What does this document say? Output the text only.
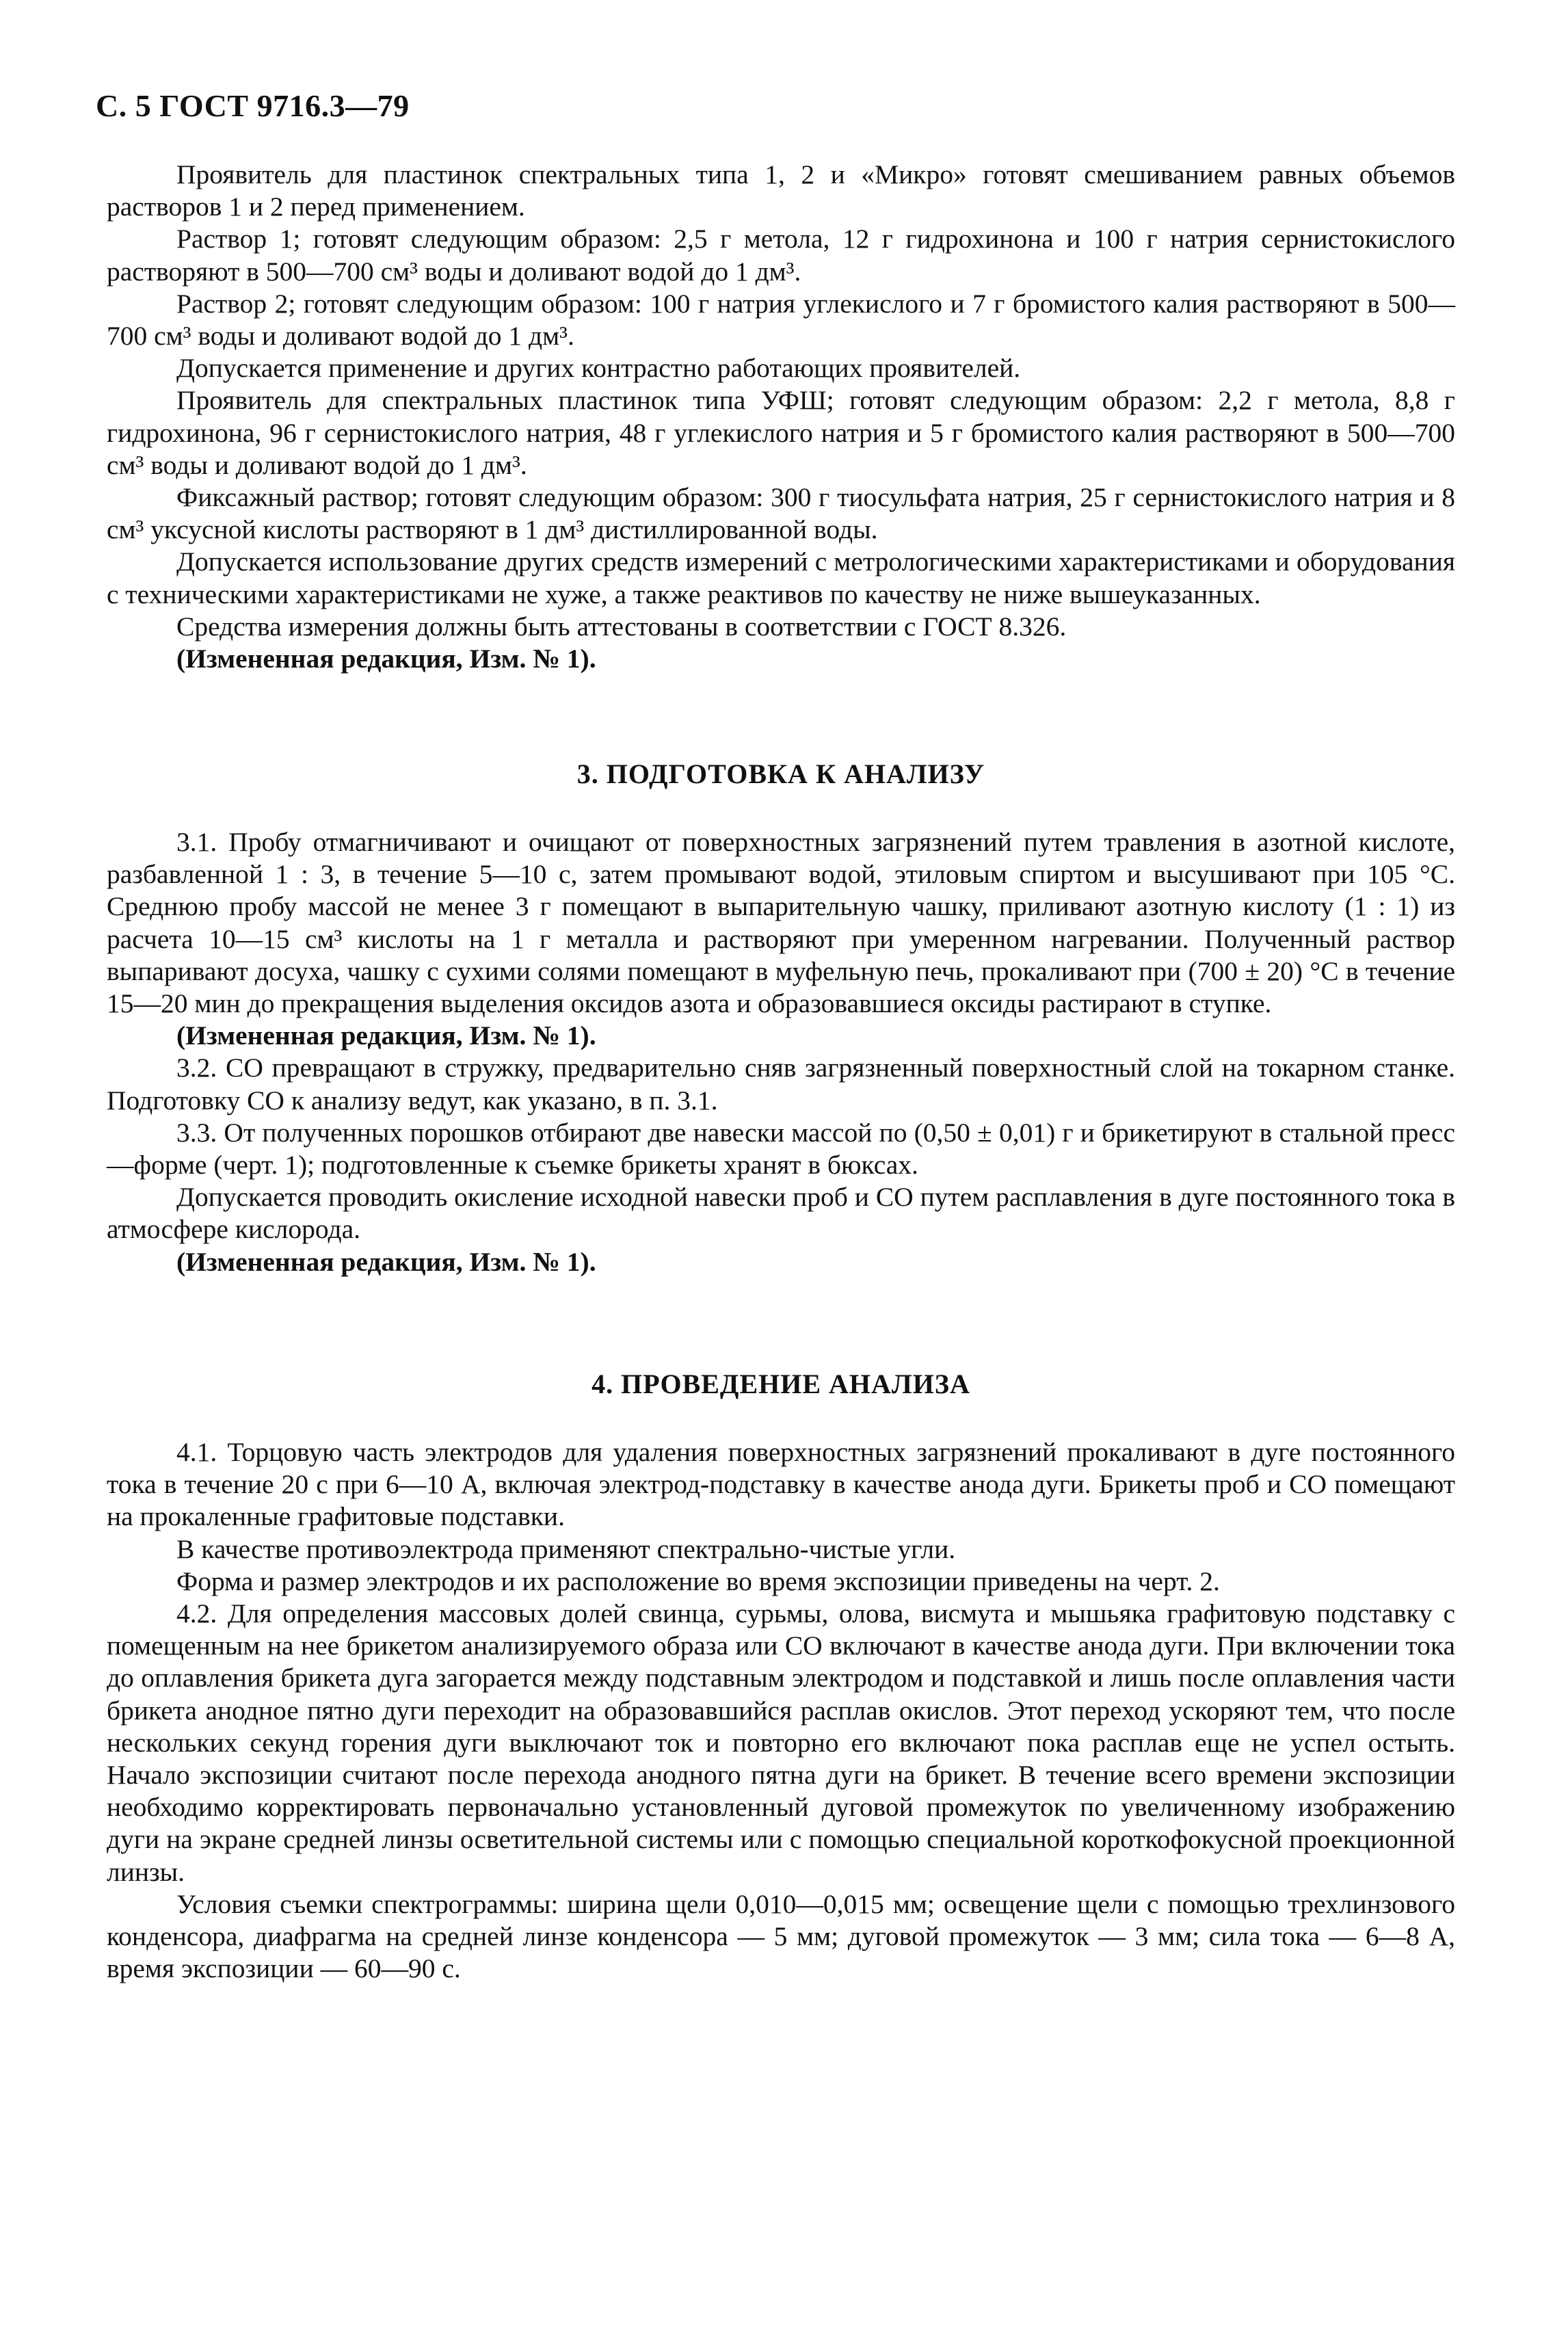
С. 5 ГОСТ 9716.3—79

Проявитель для пластинок спектральных типа 1, 2 и «Микро» готовят смешиванием равных объемов растворов 1 и 2 перед применением.

Раствор 1; готовят следующим образом: 2,5 г метола, 12 г гидрохинона и 100 г натрия сернистокислого растворяют в 500—700 см³ воды и доливают водой до 1 дм³.

Раствор 2; готовят следующим образом: 100 г натрия углекислого и 7 г бромистого калия растворяют в 500—700 см³ воды и доливают водой до 1 дм³.

Допускается применение и других контрастно работающих проявителей.

Проявитель для спектральных пластинок типа УФШ; готовят следующим образом: 2,2 г метола, 8,8 г гидрохинона, 96 г сернистокислого натрия, 48 г углекислого натрия и 5 г бромистого калия растворяют в 500—700 см³ воды и доливают водой до 1 дм³.

Фиксажный раствор; готовят следующим образом: 300 г тиосульфата натрия, 25 г сернистокислого натрия и 8 см³ уксусной кислоты растворяют в 1 дм³ дистиллированной воды.

Допускается использование других средств измерений с метрологическими характеристиками и оборудования с техническими характеристиками не хуже, а также реактивов по качеству не ниже вышеуказанных.

Средства измерения должны быть аттестованы в соответствии с ГОСТ 8.326.

(Измененная редакция, Изм. № 1).

3. ПОДГОТОВКА К АНАЛИЗУ

3.1. Пробу отмагничивают и очищают от поверхностных загрязнений путем травления в азотной кислоте, разбавленной 1 : 3, в течение 5—10 с, затем промывают водой, этиловым спиртом и высушивают при 105 °С. Среднюю пробу массой не менее 3 г помещают в выпарительную чашку, приливают азотную кислоту (1 : 1) из расчета 10—15 см³ кислоты на 1 г металла и растворяют при умеренном нагревании. Полученный раствор выпаривают досуха, чашку с сухими солями помещают в муфельную печь, прокаливают при (700 ± 20) °С в течение 15—20 мин до прекращения выделения оксидов азота и образовавшиеся оксиды растирают в ступке.

(Измененная редакция, Изм. № 1).

3.2. СО превращают в стружку, предварительно сняв загрязненный поверхностный слой на токарном станке. Подготовку СО к анализу ведут, как указано, в п. 3.1.

3.3. От полученных порошков отбирают две навески массой по (0,50 ± 0,01) г и брикетируют в стальной пресс—форме (черт. 1); подготовленные к съемке брикеты хранят в бюксах.

Допускается проводить окисление исходной навески проб и СО путем расплавления в дуге постоянного тока в атмосфере кислорода.

(Измененная редакция, Изм. № 1).

4. ПРОВЕДЕНИЕ АНАЛИЗА

4.1. Торцовую часть электродов для удаления поверхностных загрязнений прокаливают в дуге постоянного тока в течение 20 с при 6—10 А, включая электрод-подставку в качестве анода дуги. Брикеты проб и СО помещают на прокаленные графитовые подставки.

В качестве противоэлектрода применяют спектрально-чистые угли.

Форма и размер электродов и их расположение во время экспозиции приведены на черт. 2.

4.2. Для определения массовых долей свинца, сурьмы, олова, висмута и мышьяка графитовую подставку с помещенным на нее брикетом анализируемого образа или СО включают в качестве анода дуги. При включении тока до оплавления брикета дуга загорается между подставным электродом и подставкой и лишь после оплавления части брикета анодное пятно дуги переходит на образовавшийся расплав окислов. Этот переход ускоряют тем, что после нескольких секунд горения дуги выключают ток и повторно его включают пока расплав еще не успел остыть. Начало экспозиции считают после перехода анодного пятна дуги на брикет. В течение всего времени экспозиции необходимо корректировать первоначально установленный дуговой промежуток по увеличенному изображению дуги на экране средней линзы осветительной системы или с помощью специальной короткофокусной проекционной линзы.

Условия съемки спектрограммы: ширина щели 0,010—0,015 мм; освещение щели с помощью трехлинзового конденсора, диафрагма на средней линзе конденсора — 5 мм; дуговой промежуток — 3 мм; сила тока — 6—8 А, время экспозиции — 60—90 с.
